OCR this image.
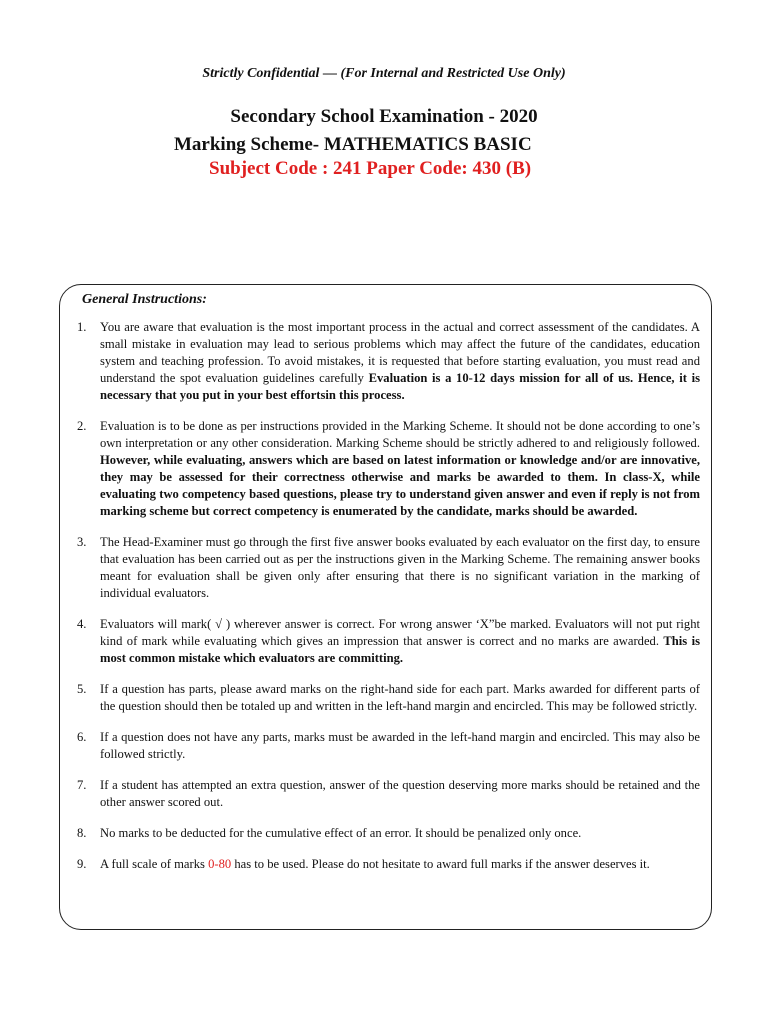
Strictly Confidential — (For Internal and Restricted Use Only)
Secondary School Examination - 2020
Marking Scheme- MATHEMATICS BASIC
Subject Code : 241 Paper Code: 430 (B)
General Instructions:
1. You are aware that evaluation is the most important process in the actual and correct assessment of the candidates. A small mistake in evaluation may lead to serious problems which may affect the future of the candidates, education system and teaching profession. To avoid mistakes, it is requested that before starting evaluation, you must read and understand the spot evaluation guidelines carefully Evaluation is a 10-12 days mission for all of us. Hence, it is necessary that you put in your best effortsin this process.
2. Evaluation is to be done as per instructions provided in the Marking Scheme. It should not be done according to one’s own interpretation or any other consideration. Marking Scheme should be strictly adhered to and religiously followed. However, while evaluating, answers which are based on latest information or knowledge and/or are innovative, they may be assessed for their correctness otherwise and marks be awarded to them. In class-X, while evaluating two competency based questions, please try to understand given answer and even if reply is not from marking scheme but correct competency is enumerated by the candidate, marks should be awarded.
3. The Head-Examiner must go through the first five answer books evaluated by each evaluator on the first day, to ensure that evaluation has been carried out as per the instructions given in the Marking Scheme. The remaining answer books meant for evaluation shall be given only after ensuring that there is no significant variation in the marking of individual evaluators.
4. Evaluators will mark( √ ) wherever answer is correct. For wrong answer ‘X”be marked. Evaluators will not put right kind of mark while evaluating which gives an impression that answer is correct and no marks are awarded. This is most common mistake which evaluators are committing.
5. If a question has parts, please award marks on the right-hand side for each part. Marks awarded for different parts of the question should then be totaled up and written in the left-hand margin and encircled. This may be followed strictly.
6. If a question does not have any parts, marks must be awarded in the left-hand margin and encircled. This may also be followed strictly.
7. If a student has attempted an extra question, answer of the question deserving more marks should be retained and the other answer scored out.
8. No marks to be deducted for the cumulative effect of an error. It should be penalized only once.
9. A full scale of marks 0-80 has to be used. Please do not hesitate to award full marks if the answer deserves it.
